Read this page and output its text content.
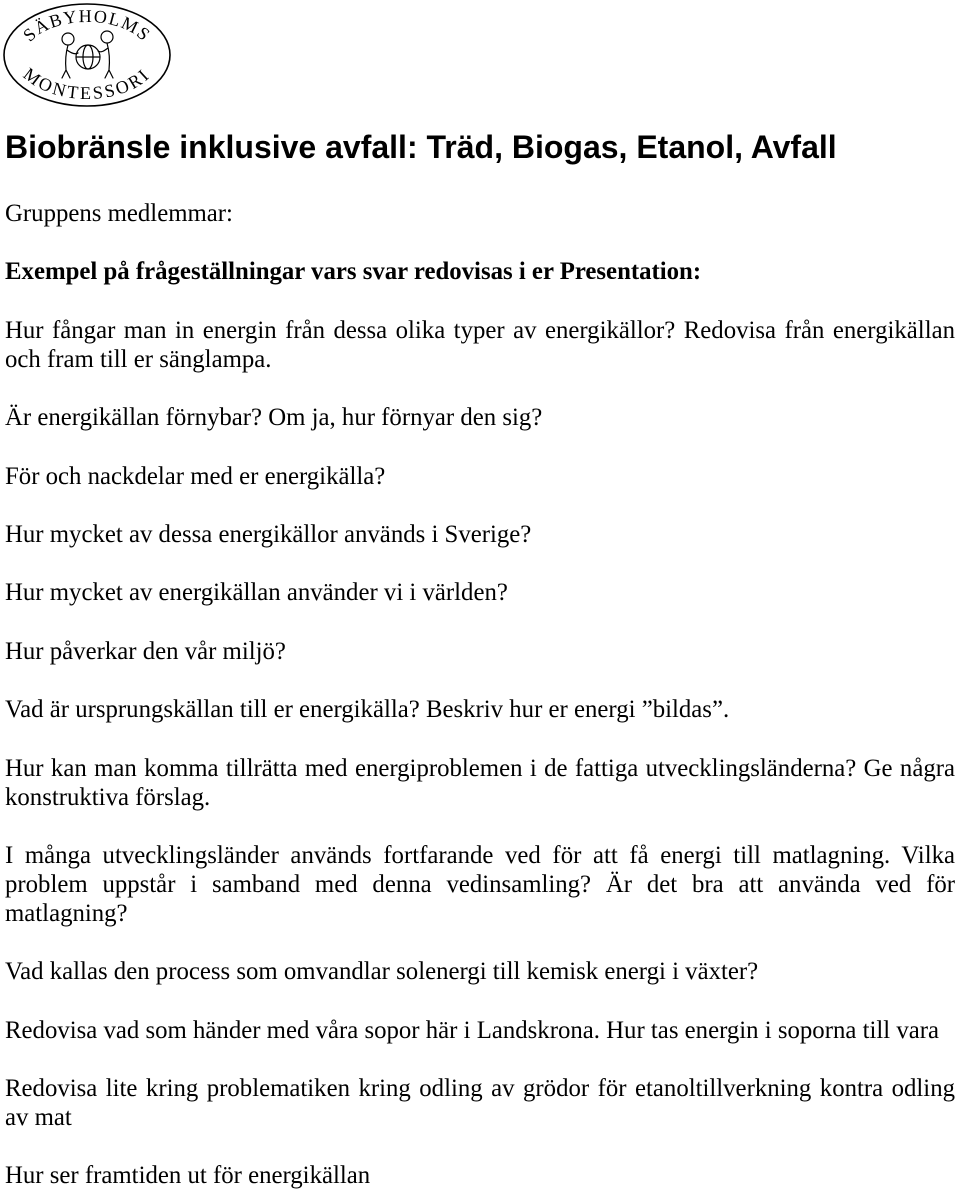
SÄBYHOLMS
MONTESSORI
Biobränsle inklusive avfall: Träd, Biogas, Etanol, Avfall
Gruppens medlemmar:
Exempel på frågeställningar vars svar redovisas i er Presentation:
Hur fångar man in energin från dessa olika typer av energikällor? Redovisa från energikällan
och fram till er sänglampa.
Är energikällan förnybar? Om ja, hur förnyar den sig?
För och nackdelar med er energikälla?
Hur mycket av dessa energikällor används i Sverige?
Hur mycket av energikällan använder vi i världen?
Hur påverkar den vår miljö?
Vad är ursprungskällan till er energikälla? Beskriv hur er energi ”bildas”.
Hur kan man komma tillrätta med energiproblemen i de fattiga utvecklingsländerna? Ge några
konstruktiva förslag.
I många utvecklingsländer används fortfarande ved för att få energi till matlagning. Vilka
problem uppstår i samband med denna vedinsamling? Är det bra att använda ved för
matlagning?
Vad kallas den process som omvandlar solenergi till kemisk energi i växter?
Redovisa vad som händer med våra sopor här i Landskrona. Hur tas energin i soporna till vara
Redovisa lite kring problematiken kring odling av grödor för etanoltillverkning kontra odling
av mat
Hur ser framtiden ut för energikällan
